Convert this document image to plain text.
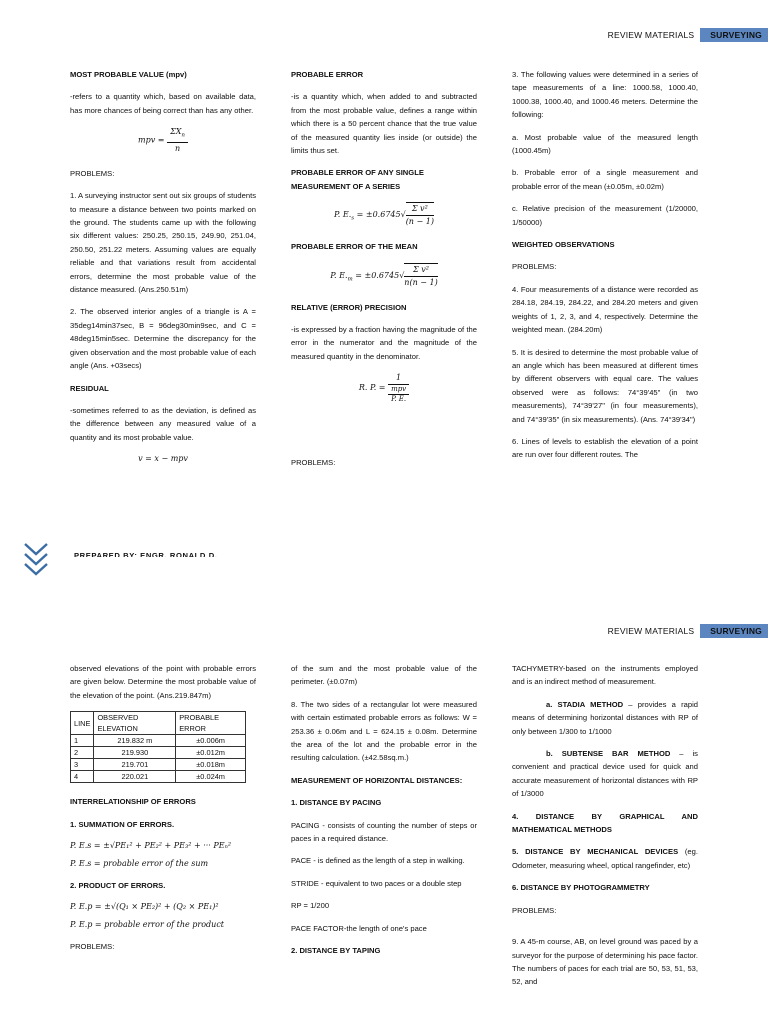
REVIEW MATERIALS	SURVEYING
MOST PROBABLE VALUE (mpv)

-refers to a quantity which, based on available data, has more chances of being correct than has any other.

mpv = $\frac{\Sigma X_n}{n}$

PROBLEMS:

1. A surveying instructor sent out six groups of students to measure a distance between two points marked on the ground. The students came up with the following six different values: 250.25, 250.15, 249.90, 251.04, 250.50, 251.22 meters. Assuming values are equally reliable and that variations result from accidental errors, determine the most probable value of the distance measured. (Ans.250.51m)

2. The observed interior angles of a triangle is A = 35deg14min37sec, B = 96deg30min9sec, and C = 48deg15min5sec. Determine the discrepancy for the given observation and the most probable value of each angle (Ans. +03secs)

RESIDUAL

-sometimes referred to as the deviation, is defined as the difference between any measured value of a quantity and its most probable value.

v = x − mpv
PROBABLE ERROR

-is a quantity which, when added to and subtracted from the most probable value, defines a range within which there is a 50 percent chance that the true value of the measured quantity lies inside (or outside) the limits thus set.

PROBABLE ERROR OF ANY SINGLE MEASUREMENT OF A SERIES
P. $E._s = \pm 0.6745√ \frac{\text{Σ v²}}{(n - 1)}$
PROBABLE ERROR OF THE MEAN
P. $E._m = \pm 0.6745√ \frac{\text{Σ v²}}{n(n - 1)}$
RELATIVE (ERROR) PRECISION

-is expressed by a fraction having the magnitude of the error in the numerator and the magnitude of the measured quantity in the denominator.

R. P. = $\frac{1}{\frac{\text{mpv}}{P. E.}}$

PROBLEMS:

3. The following values were determined in a series of tape measurements of a line: 1000.58, 1000.40, 1000.38, 1000.40, and 1000.46 meters. Determine the following:

a. Most probable value of the measured length (1000.45m)

b. Probable error of a single measurement and probable error of the mean (±0.05m, ±0.02m)

c. Relative precision of the measurement (1/20000, 1/50000)

WEIGHTED OBSERVATIONS

PROBLEMS:

4. Four measurements of a distance were recorded as 284.18, 284.19, 284.22, and 284.20 meters and given weights of 1, 2, 3, and 4, respectively. Determine the weighted mean. (284.20m)

5. It is desired to determine the most probable value of an angle which has been measured at different times by different observers with equal care. The values observed were as follows: 74°39'45" (in two measurements), 74°39'27" (in four measurements), and 74°39'35" (in six measurements). (Ans. 74°39'34")

6. Lines of levels to establish the elevation of a point are run over four different routes. The

PREPARED BY: ENGR. RONALD D.
REVIEW MATERIALS	SURVEYING

observed elevations of the point with probable errors are given below. Determine the most probable value of the elevation of the point. (Ans.219.847m)

LINE	OBSERVED ELEVATION	PROBABLE ERROR
1	219.832 m	±0.006m
2	219.930	±0.012m
3	219.701	±0.018m
4	220.021	±0.024m
INTERRELATIONSHIP OF ERRORS
1. SUMMATION OF ERRORS.
P. E.s = ±√PE₁² + PE₂² + PE₃² + ··· PEₙ²

P. E.s = probable error of the sum

2. PRODUCT OF ERRORS.
P. E.p = ±√(Q₁ × PE₂)² + (Q₂ × PE₁)²

P. E.p = probable error of the product

PROBLEMS:

of the sum and the most probable value of the perimeter. (±0.07m)

8. The two sides of a rectangular lot were measured with certain estimated probable errors as follows: W = 253.36 ± 0.06m and L = 624.15 ± 0.08m. Determine the area of the lot and the probable error in the resulting calculation. (±42.58sq.m.)

MEASUREMENT OF HORIZONTAL DISTANCES:
1. DISTANCE BY PACING

PACING - consists of counting the number of steps or paces in a required distance.

PACE - is defined as the length of a step in walking.

STRIDE - equivalent to two paces or a double step

RP = 1/200

PACE FACTOR-the length of one's pace

2. DISTANCE BY TAPING

TACHYMETRY-based on the instruments employed and is an indirect method of measurement.

a. STADIA METHOD – provides a rapid means of determining horizontal distances with RP of only between 1/300 to 1/1000

b. SUBTENSE BAR METHOD – is convenient and practical device used for quick and accurate measurement of horizontal distances with RP of 1/3000

4. DISTANCE BY GRAPHICAL AND MATHEMATICAL METHODS

5. DISTANCE BY MECHANICAL DEVICES (eg. Odometer, measuring wheel, optical rangefinder, etc)

6. DISTANCE BY PHOTOGRAMMETRY

PROBLEMS:

9. A 45-m course, AB, on level ground was paced by a surveyor for the purpose of determining his pace factor. The numbers of paces for each trial are 50, 53, 51, 53, 52, and
